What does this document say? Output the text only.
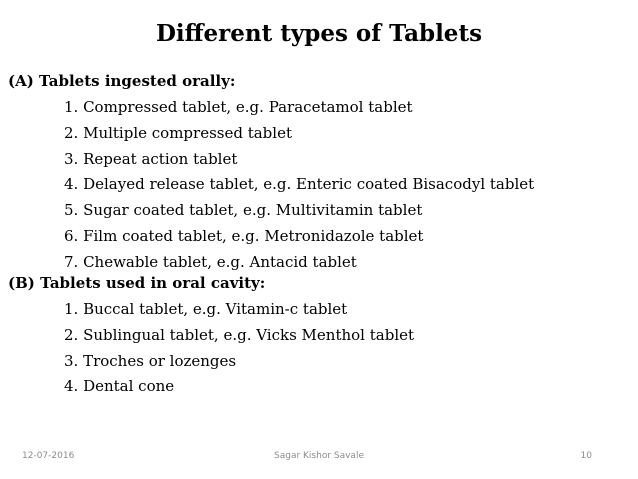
Different types of Tablets
(A) Tablets ingested orally:
1. Compressed tablet, e.g. Paracetamol tablet
2. Multiple compressed tablet
3. Repeat action tablet
4. Delayed release tablet, e.g. Enteric coated Bisacodyl tablet
5. Sugar coated tablet, e.g. Multivitamin tablet
6. Film coated tablet, e.g. Metronidazole tablet
7. Chewable tablet, e.g. Antacid tablet
(B) Tablets used in oral cavity:
1. Buccal tablet, e.g. Vitamin-c tablet
2. Sublingual tablet, e.g. Vicks Menthol tablet
3. Troches or lozenges
4. Dental cone
12-07-2016	Sagar Kishor Savale	10
